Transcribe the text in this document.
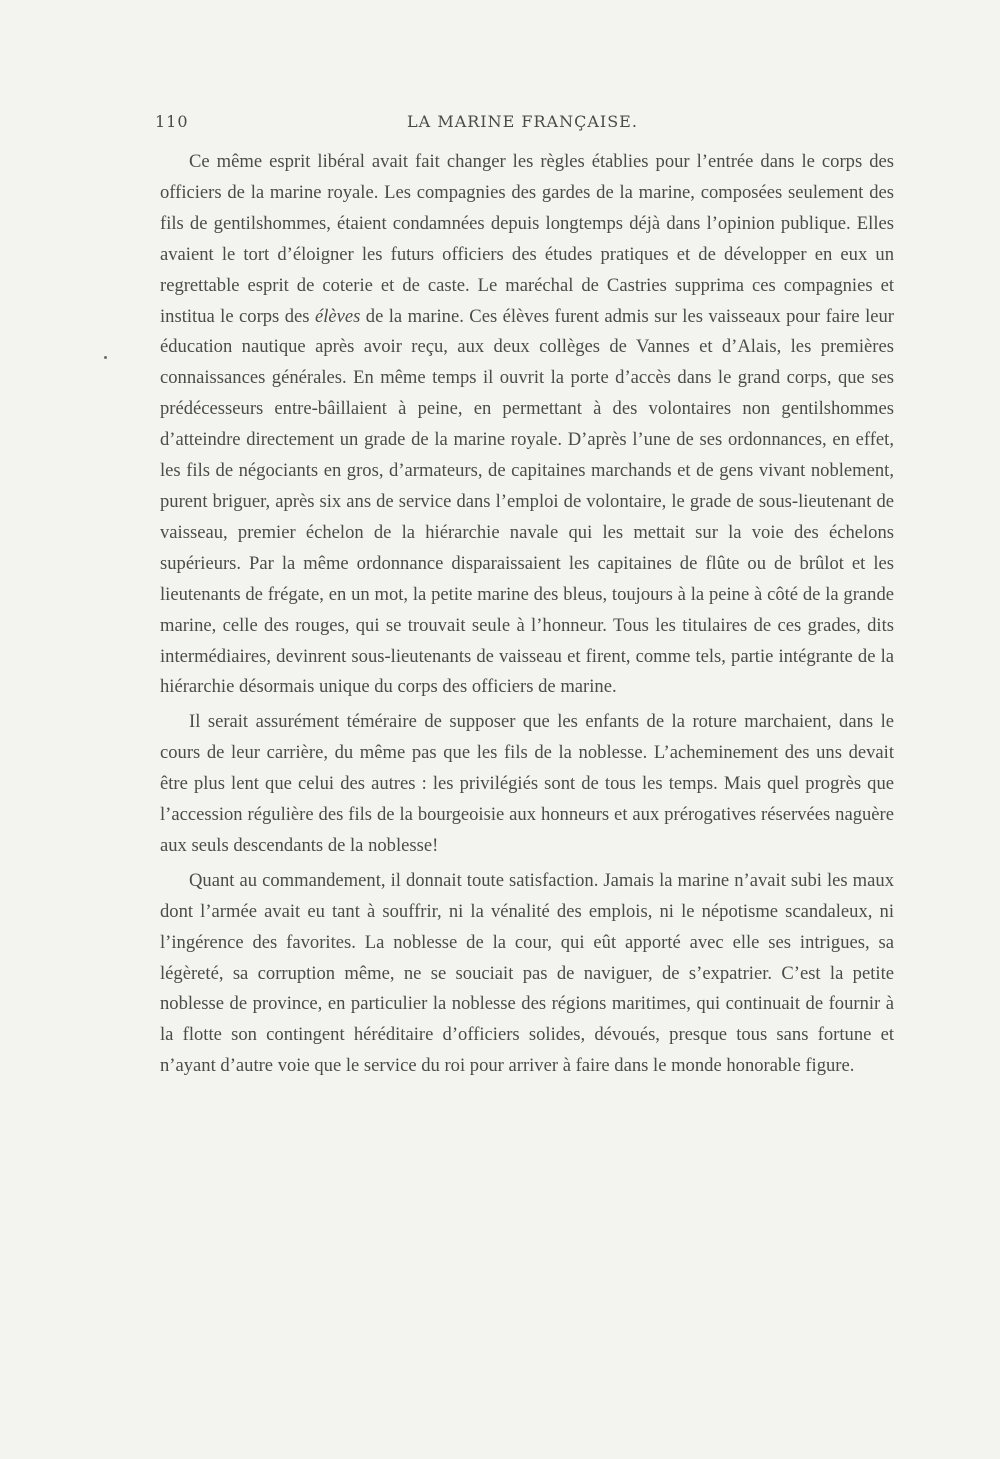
110	LA MARINE FRANÇAISE.

Ce même esprit libéral avait fait changer les règles établies pour l’entrée dans le corps des officiers de la marine royale. Les compagnies des gardes de la marine, composées seulement des fils de gentilshommes, étaient condamnées depuis longtemps déjà dans l’opinion publique. Elles avaient le tort d’éloigner les futurs officiers des études pratiques et de développer en eux un regrettable esprit de coterie et de caste. Le maréchal de Castries supprima ces compagnies et institua le corps des élèves de la marine. Ces élèves furent admis sur les vaisseaux pour faire leur éducation nautique après avoir reçu, aux deux collèges de Vannes et d’Alais, les premières connaissances générales. En même temps il ouvrit la porte d’accès dans le grand corps, que ses prédécesseurs entre-bâillaient à peine, en permettant à des volontaires non gentilshommes d’atteindre directement un grade de la marine royale. D’après l’une de ses ordonnances, en effet, les fils de négociants en gros, d’armateurs, de capitaines marchands et de gens vivant noblement, purent briguer, après six ans de service dans l’emploi de volontaire, le grade de sous-lieutenant de vaisseau, premier échelon de la hiérarchie navale qui les mettait sur la voie des échelons supérieurs. Par la même ordonnance disparaissaient les capitaines de flûte ou de brûlot et les lieutenants de frégate, en un mot, la petite marine des bleus, toujours à la peine à côté de la grande marine, celle des rouges, qui se trouvait seule à l’honneur. Tous les titulaires de ces grades, dits intermédiaires, devinrent sous-lieutenants de vaisseau et firent, comme tels, partie intégrante de la hiérarchie désormais unique du corps des officiers de marine.

Il serait assurément téméraire de supposer que les enfants de la roture marchaient, dans le cours de leur carrière, du même pas que les fils de la noblesse. L’acheminement des uns devait être plus lent que celui des autres : les privilégiés sont de tous les temps. Mais quel progrès que l’accession régulière des fils de la bourgeoisie aux honneurs et aux prérogatives réservées naguère aux seuls descendants de la noblesse!

Quant au commandement, il donnait toute satisfaction. Jamais la marine n’avait subi les maux dont l’armée avait eu tant à souffrir, ni la vénalité des emplois, ni le népotisme scandaleux, ni l’ingérence des favorites. La noblesse de la cour, qui eût apporté avec elle ses intrigues, sa légèreté, sa corruption même, ne se souciait pas de naviguer, de s’expatrier. C’est la petite noblesse de province, en particulier la noblesse des régions maritimes, qui continuait de fournir à la flotte son contingent héréditaire d’officiers solides, dévoués, presque tous sans fortune et n’ayant d’autre voie que le service du roi pour arriver à faire dans le monde honorable figure.
